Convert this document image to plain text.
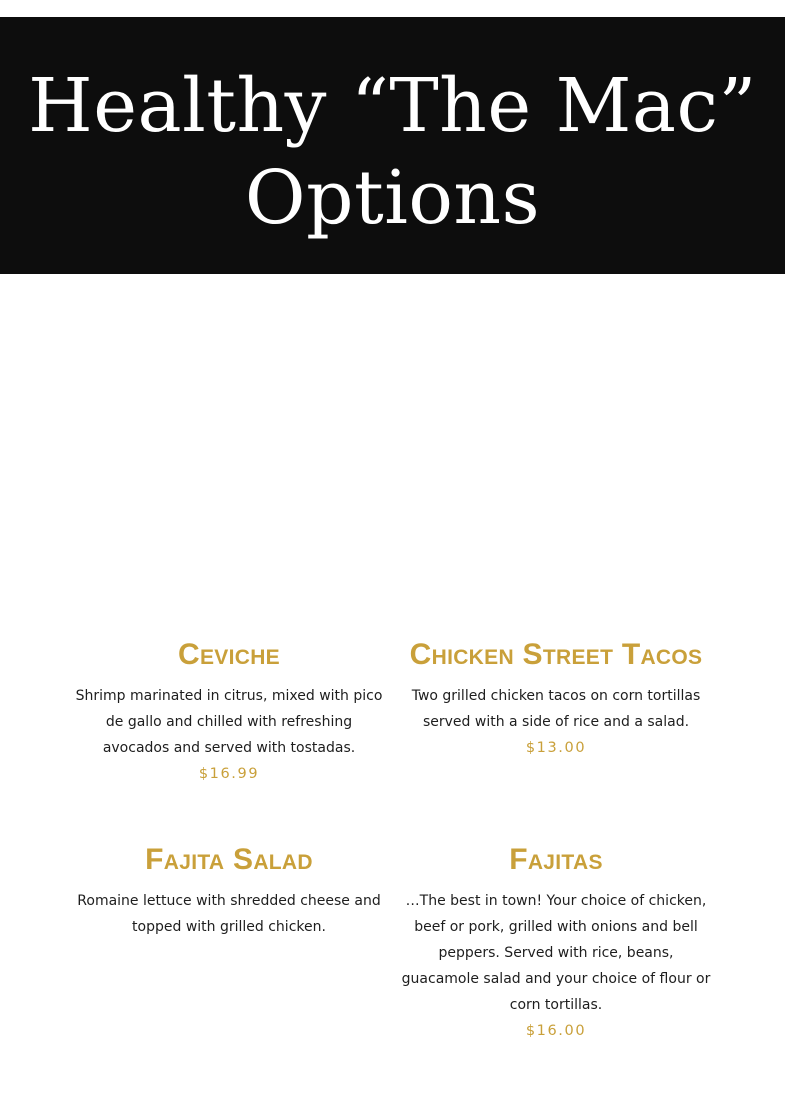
Healthy “The Mac”
Options
Ceviche

Shrimp marinated in citrus, mixed with pico de gallo and chilled with refreshing avocados and served with tostadas.

$16.99

Chicken Street Tacos

Two grilled chicken tacos on corn tortillas served with a side of rice and a salad.

$13.00

Fajita Salad

Romaine lettuce with shredded cheese and topped with grilled chicken.

Fajitas

…The best in town! Your choice of chicken, beef or pork, grilled with onions and bell peppers. Served with rice, beans, guacamole salad and your choice of flour or corn tortillas.

$16.00
